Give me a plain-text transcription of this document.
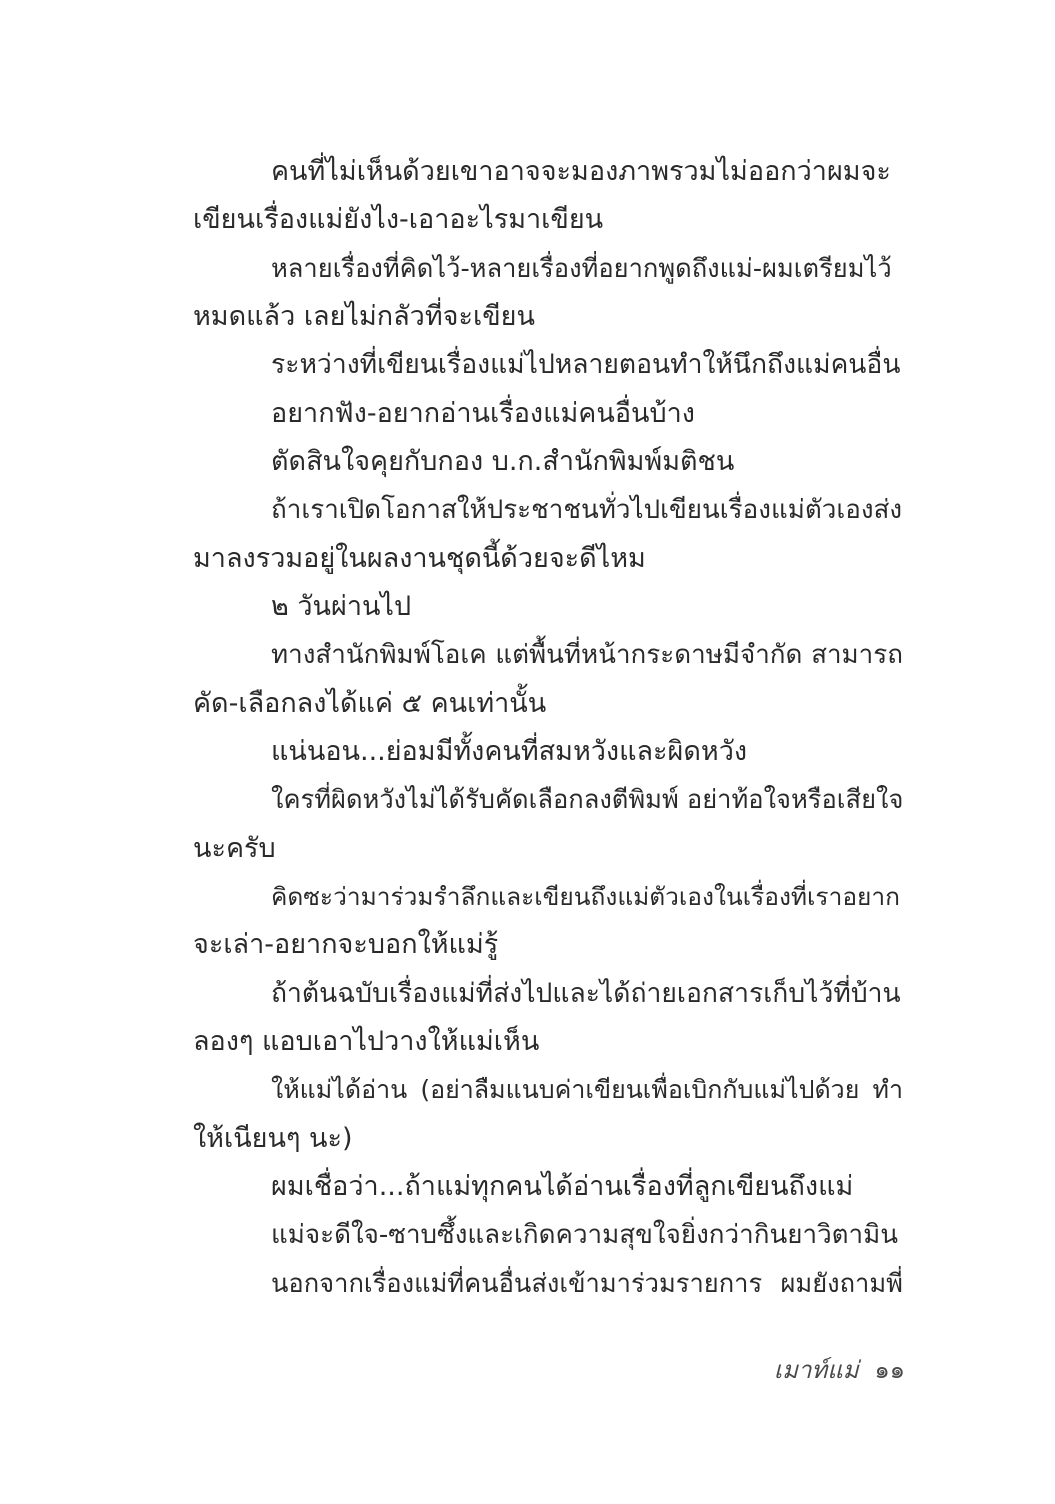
คนที่ไม่เห็นด้วยเขาอาจจะมองภาพรวมไม่ออกว่าผมจะ
เขียนเรื่องแม่ยังไง-เอาอะไรมาเขียน
หลายเรื่องที่คิดไว้-หลายเรื่องที่อยากพูดถึงแม่-ผมเตรียมไว้
หมดแล้ว เลยไม่กลัวที่จะเขียน
ระหว่างที่เขียนเรื่องแม่ไปหลายตอนทำให้นึกถึงแม่คนอื่น
อยากฟัง-อยากอ่านเรื่องแม่คนอื่นบ้าง
ตัดสินใจคุยกับกอง บ.ก.สำนักพิมพ์มติชน
ถ้าเราเปิดโอกาสให้ประชาชนทั่วไปเขียนเรื่องแม่ตัวเองส่ง
มาลงรวมอยู่ในผลงานชุดนี้ด้วยจะดีไหม
๒ วันผ่านไป
ทางสำนักพิมพ์โอเค แต่พื้นที่หน้ากระดาษมีจำกัด สามารถ
คัด-เลือกลงได้แค่ ๕ คนเท่านั้น
แน่นอน...ย่อมมีทั้งคนที่สมหวังและผิดหวัง
ใครที่ผิดหวังไม่ได้รับคัดเลือกลงตีพิมพ์ อย่าท้อใจหรือเสียใจ
นะครับ
คิดซะว่ามาร่วมรำลึกและเขียนถึงแม่ตัวเองในเรื่องที่เราอยาก
จะเล่า-อยากจะบอกให้แม่รู้
ถ้าต้นฉบับเรื่องแม่ที่ส่งไปและได้ถ่ายเอกสารเก็บไว้ที่บ้าน
ลองๆ แอบเอาไปวางให้แม่เห็น
ให้แม่ได้อ่าน (อย่าลืมแนบค่าเขียนเพื่อเบิกกับแม่ไปด้วย ทำ
ให้เนียนๆ นะ)
ผมเชื่อว่า...ถ้าแม่ทุกคนได้อ่านเรื่องที่ลูกเขียนถึงแม่
แม่จะดีใจ-ซาบซึ้งและเกิดความสุขใจยิ่งกว่ากินยาวิตามิน
นอกจากเรื่องแม่ที่คนอื่นส่งเข้ามาร่วมรายการ ผมยังถามพี่
เมาท์แม่ ๑๑
